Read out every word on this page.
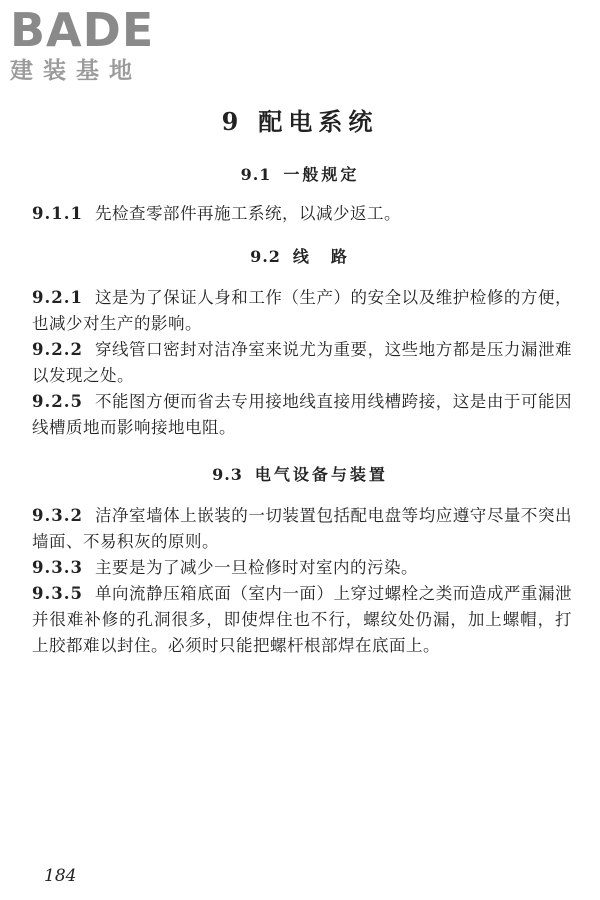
BADE
建装基地
9 配电系统
9.1 一般规定
9.1.1 先检查零部件再施工系统，以减少返工。
9.2 线　路
9.2.1 这是为了保证人身和工作（生产）的安全以及维护检修的方便，也减少对生产的影响。
9.2.2 穿线管口密封对洁净室来说尤为重要，这些地方都是压力漏泄难以发现之处。
9.2.5 不能图方便而省去专用接地线直接用线槽跨接，这是由于可能因线槽质地而影响接地电阻。
9.3 电气设备与装置
9.3.2 洁净室墙体上嵌装的一切装置包括配电盘等均应遵守尽量不突出墙面、不易积灰的原则。
9.3.3 主要是为了减少一旦检修时对室内的污染。
9.3.5 单向流静压箱底面（室内一面）上穿过螺栓之类而造成严重漏泄并很难补修的孔洞很多，即使焊住也不行，螺纹处仍漏，加上螺帽，打上胶都难以封住。必须时只能把螺杆根部焊在底面上。
184
